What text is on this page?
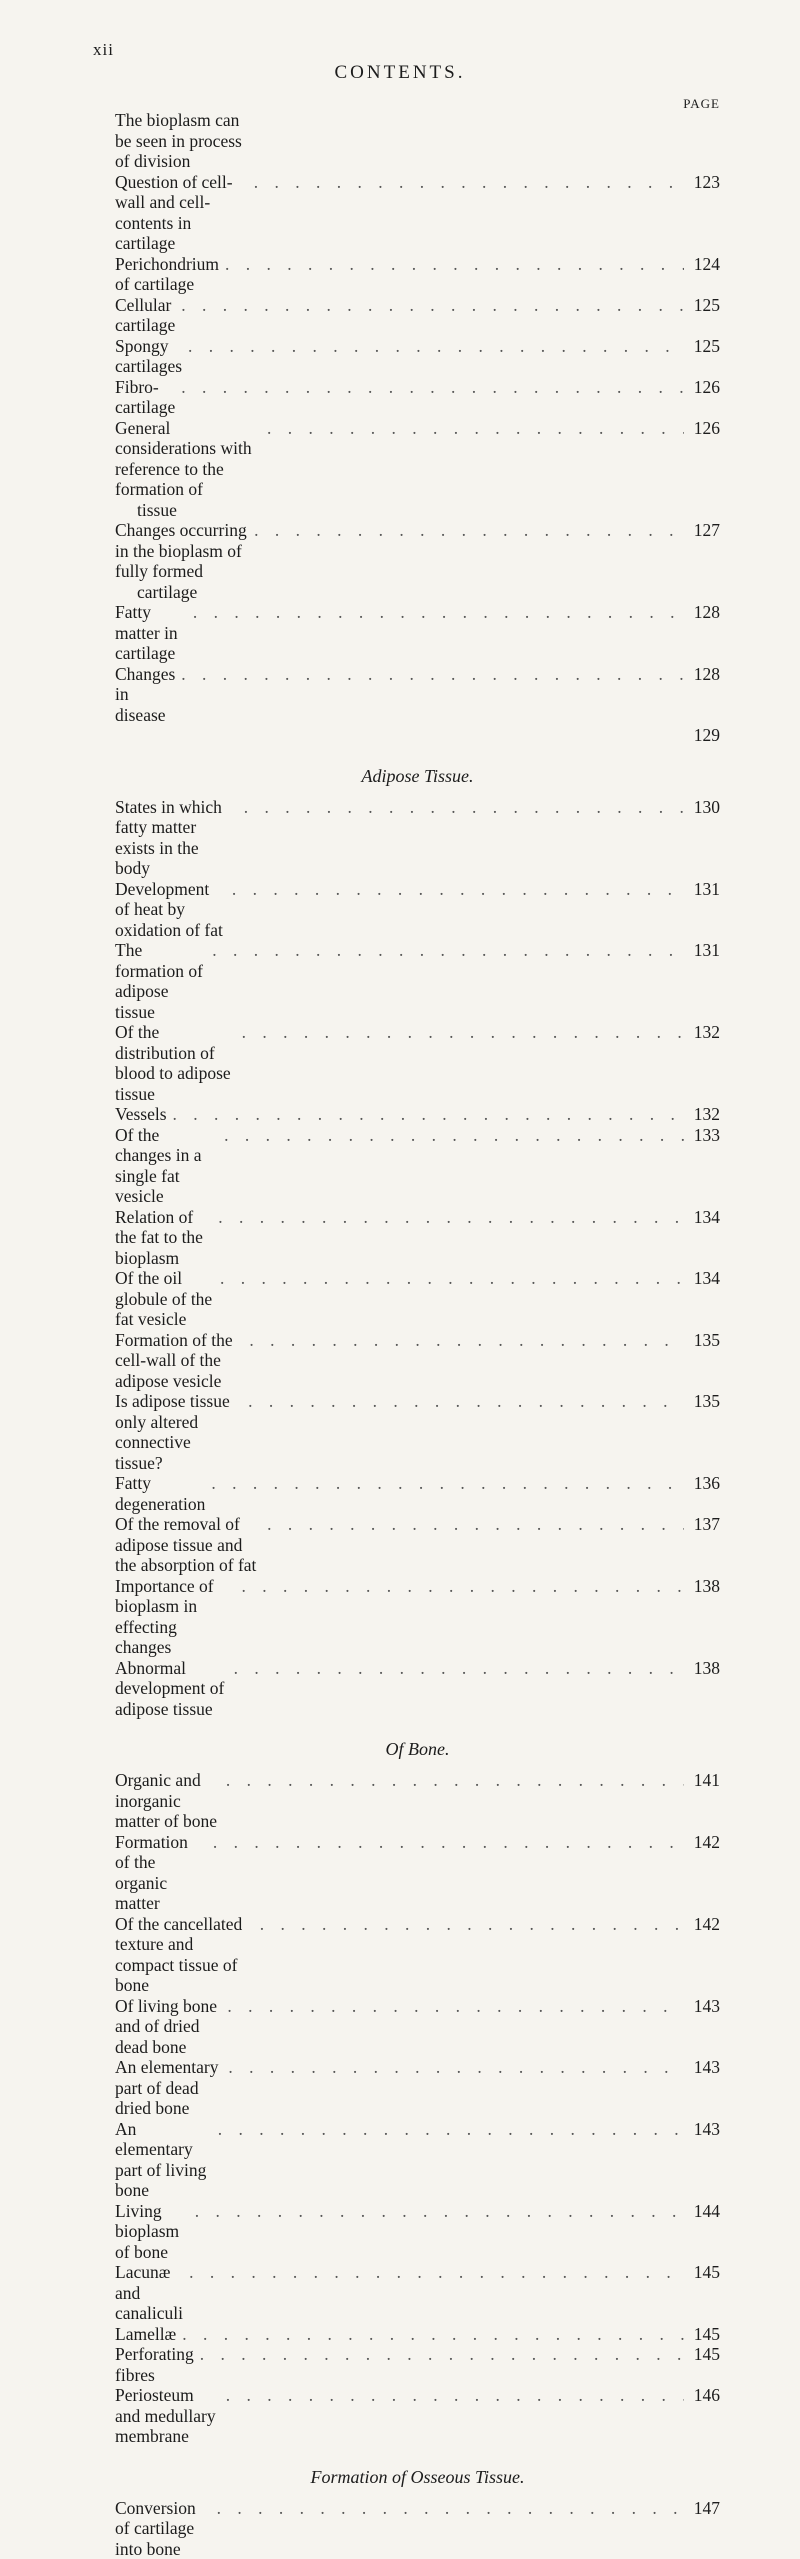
xii
CONTENTS.
PAGE
The bioplasm can be seen in process of division
Question of cell-wall and cell-contents in cartilage
. . .
123
Perichondrium of cartilage
. . .
124
Cellular cartilage
. . .
125
Spongy cartilages
. . .
125
Fibro-cartilage
. . .
126
General considerations with reference to the formation of
. . .
126
tissue
Changes occurring in the bioplasm of fully formed
. . .
127
cartilage
Fatty matter in cartilage
. . .
128
Changes in disease
. . .
128
129
Adipose Tissue.
States in which fatty matter exists in the body
. . .
130
Development of heat by oxidation of fat
. . .
131
The formation of adipose tissue
. . .
131
Of the distribution of blood to adipose tissue
. . .
132
Vessels . . .	132
Of the changes in a single fat vesicle
. . .
133
Relation of the fat to the bioplasm
. . .
134
Of the oil globule of the fat vesicle
. . .
134
Formation of the cell-wall of the adipose vesicle
. . .
135
Is adipose tissue only altered connective tissue?
. . .
135
Fatty degeneration
. . .
136
Of the removal of adipose tissue and the absorption of fat
. . .
137
Importance of bioplasm in effecting changes
. . .
138
Abnormal development of adipose tissue
. . .
138
Of Bone.
Organic and inorganic matter of bone
. . .
141
Formation of the organic matter
. . .
142
Of the cancellated texture and compact tissue of bone
. . .
142
Of living bone and of dried dead bone
. . .
143
An elementary part of dead dried bone
. . .
143
An elementary part of living bone
. . .
143
Living bioplasm of bone
. . .
144
Lacunæ and canaliculi
. . .
145
Lamellæ . . .	145
Perforating fibres
. . .
145
Periosteum and medullary membrane
. . .
146
Formation of Osseous Tissue.
Conversion of cartilage into bone
. . .
147
